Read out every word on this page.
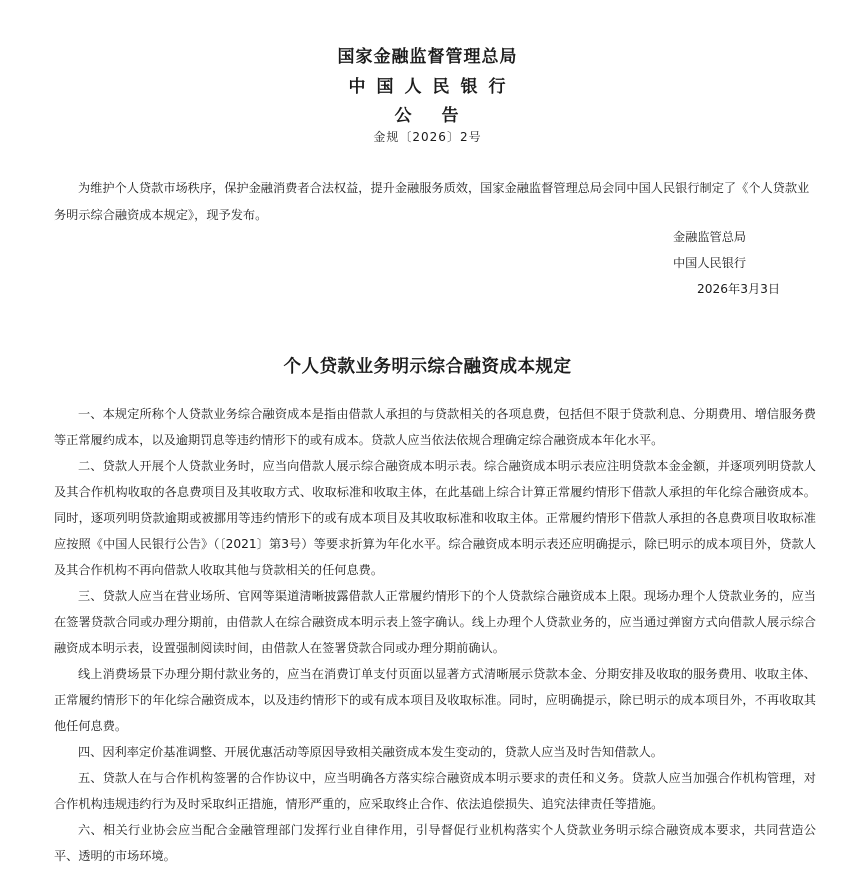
国家金融监督管理总局
中国人民银行
公告
金规〔2026〕2号

为维护个人贷款市场秩序，保护金融消费者合法权益，提升金融服务质效，国家金融监督管理总局会同中国人民银行制定了《个人贷款业务明示综合融资成本规定》，现予发布。

金融监管总局
中国人民银行
2026年3月3日
个人贷款业务明示综合融资成本规定

一、本规定所称个人贷款业务综合融资成本是指由借款人承担的与贷款相关的各项息费，包括但不限于贷款利息、分期费用、增信服务费等正常履约成本，以及逾期罚息等违约情形下的或有成本。贷款人应当依法依规合理确定综合融资成本年化水平。

二、贷款人开展个人贷款业务时，应当向借款人展示综合融资成本明示表。综合融资成本明示表应注明贷款本金金额，并逐项列明贷款人及其合作机构收取的各息费项目及其收取方式、收取标准和收取主体，在此基础上综合计算正常履约情形下借款人承担的年化综合融资成本。同时，逐项列明贷款逾期或被挪用等违约情形下的或有成本项目及其收取标准和收取主体。正常履约情形下借款人承担的各息费项目收取标准应按照《中国人民银行公告》（〔2021〕第3号）等要求折算为年化水平。综合融资成本明示表还应明确提示，除已明示的成本项目外，贷款人及其合作机构不再向借款人收取其他与贷款相关的任何息费。

三、贷款人应当在营业场所、官网等渠道清晰披露借款人正常履约情形下的个人贷款综合融资成本上限。现场办理个人贷款业务的，应当在签署贷款合同或办理分期前，由借款人在综合融资成本明示表上签字确认。线上办理个人贷款业务的，应当通过弹窗方式向借款人展示综合融资成本明示表，设置强制阅读时间，由借款人在签署贷款合同或办理分期前确认。

线上消费场景下办理分期付款业务的，应当在消费订单支付页面以显著方式清晰展示贷款本金、分期安排及收取的服务费用、收取主体、正常履约情形下的年化综合融资成本，以及违约情形下的或有成本项目及收取标准。同时，应明确提示，除已明示的成本项目外，不再收取其他任何息费。

四、因利率定价基准调整、开展优惠活动等原因导致相关融资成本发生变动的，贷款人应当及时告知借款人。

五、贷款人在与合作机构签署的合作协议中，应当明确各方落实综合融资成本明示要求的责任和义务。贷款人应当加强合作机构管理，对合作机构违规违约行为及时采取纠正措施，情形严重的，应采取终止合作、依法追偿损失、追究法律责任等措施。

六、相关行业协会应当配合金融管理部门发挥行业自律作用，引导督促行业机构落实个人贷款业务明示综合融资成本要求，共同营造公平、透明的市场环境。
